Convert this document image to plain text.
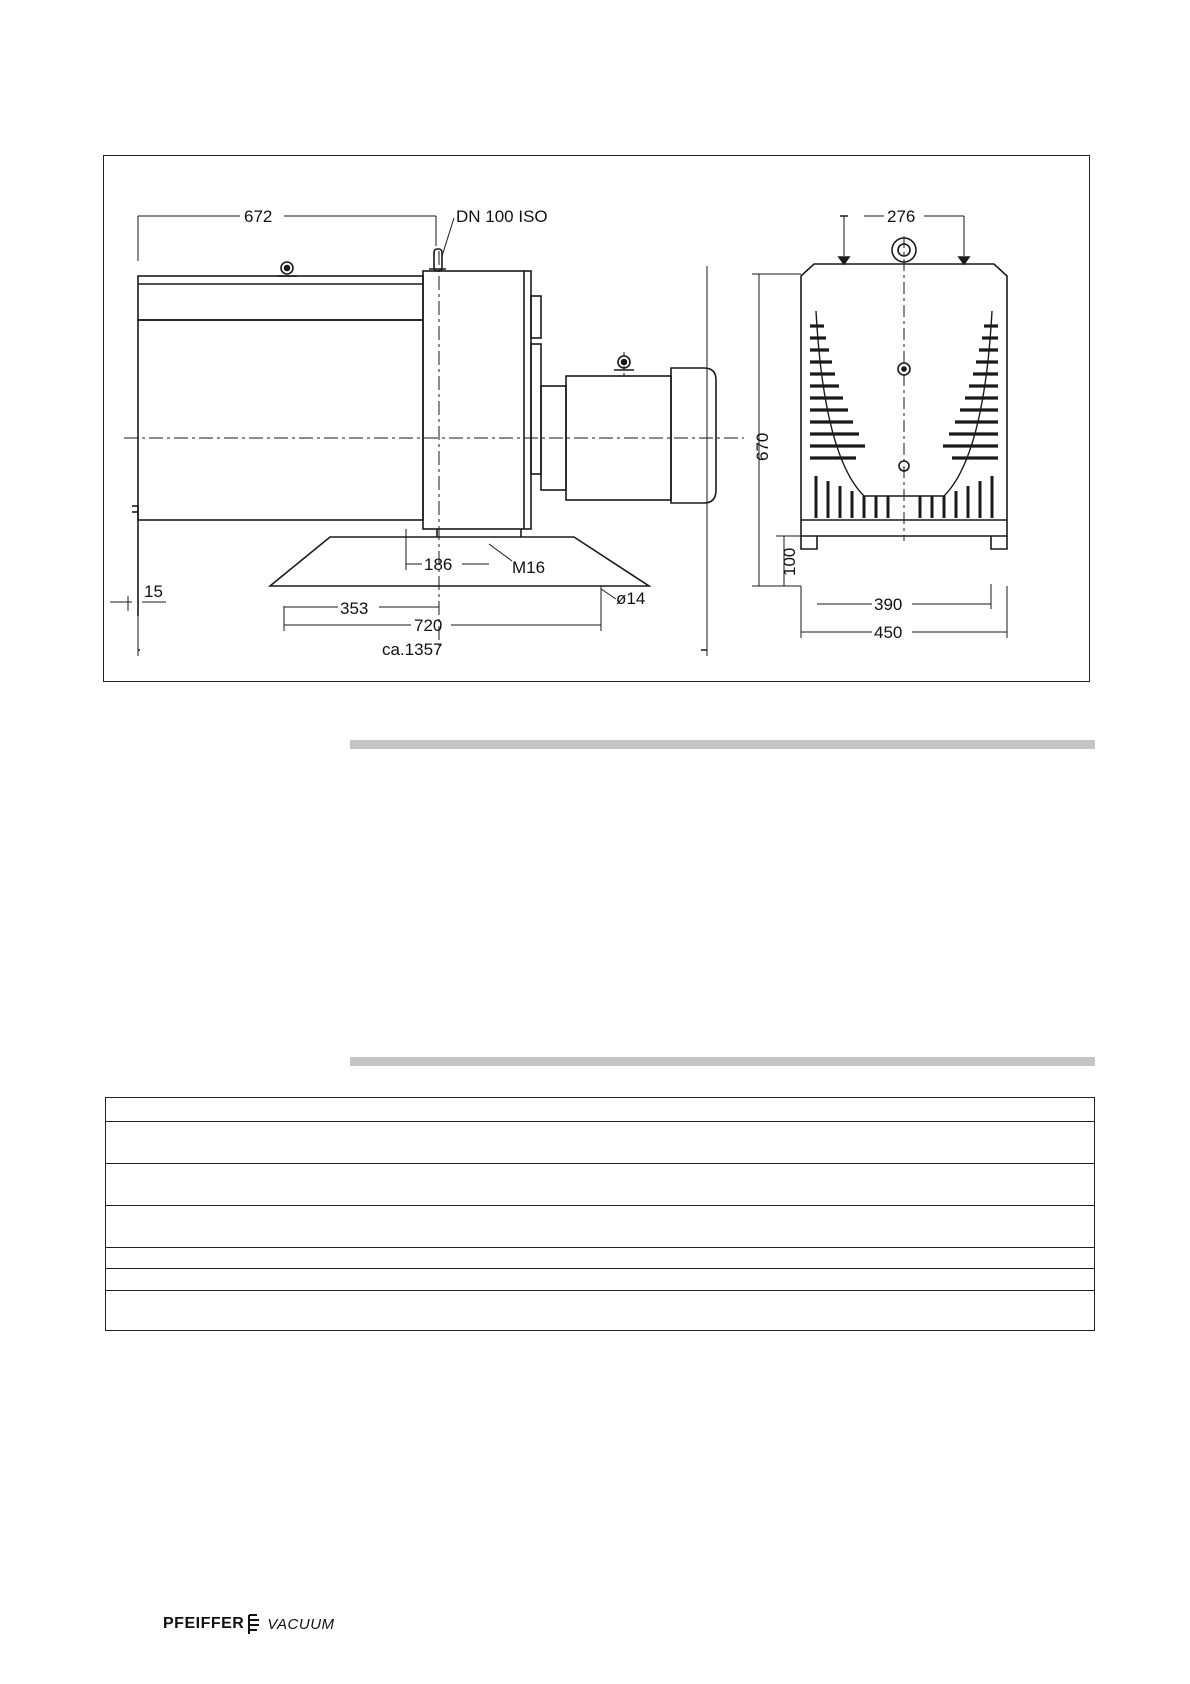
672	DN 100 ISO
186	M16
15
353
ø14
720
ca.1357
276
670
100
390
450
PFEIFFER VACUUM
